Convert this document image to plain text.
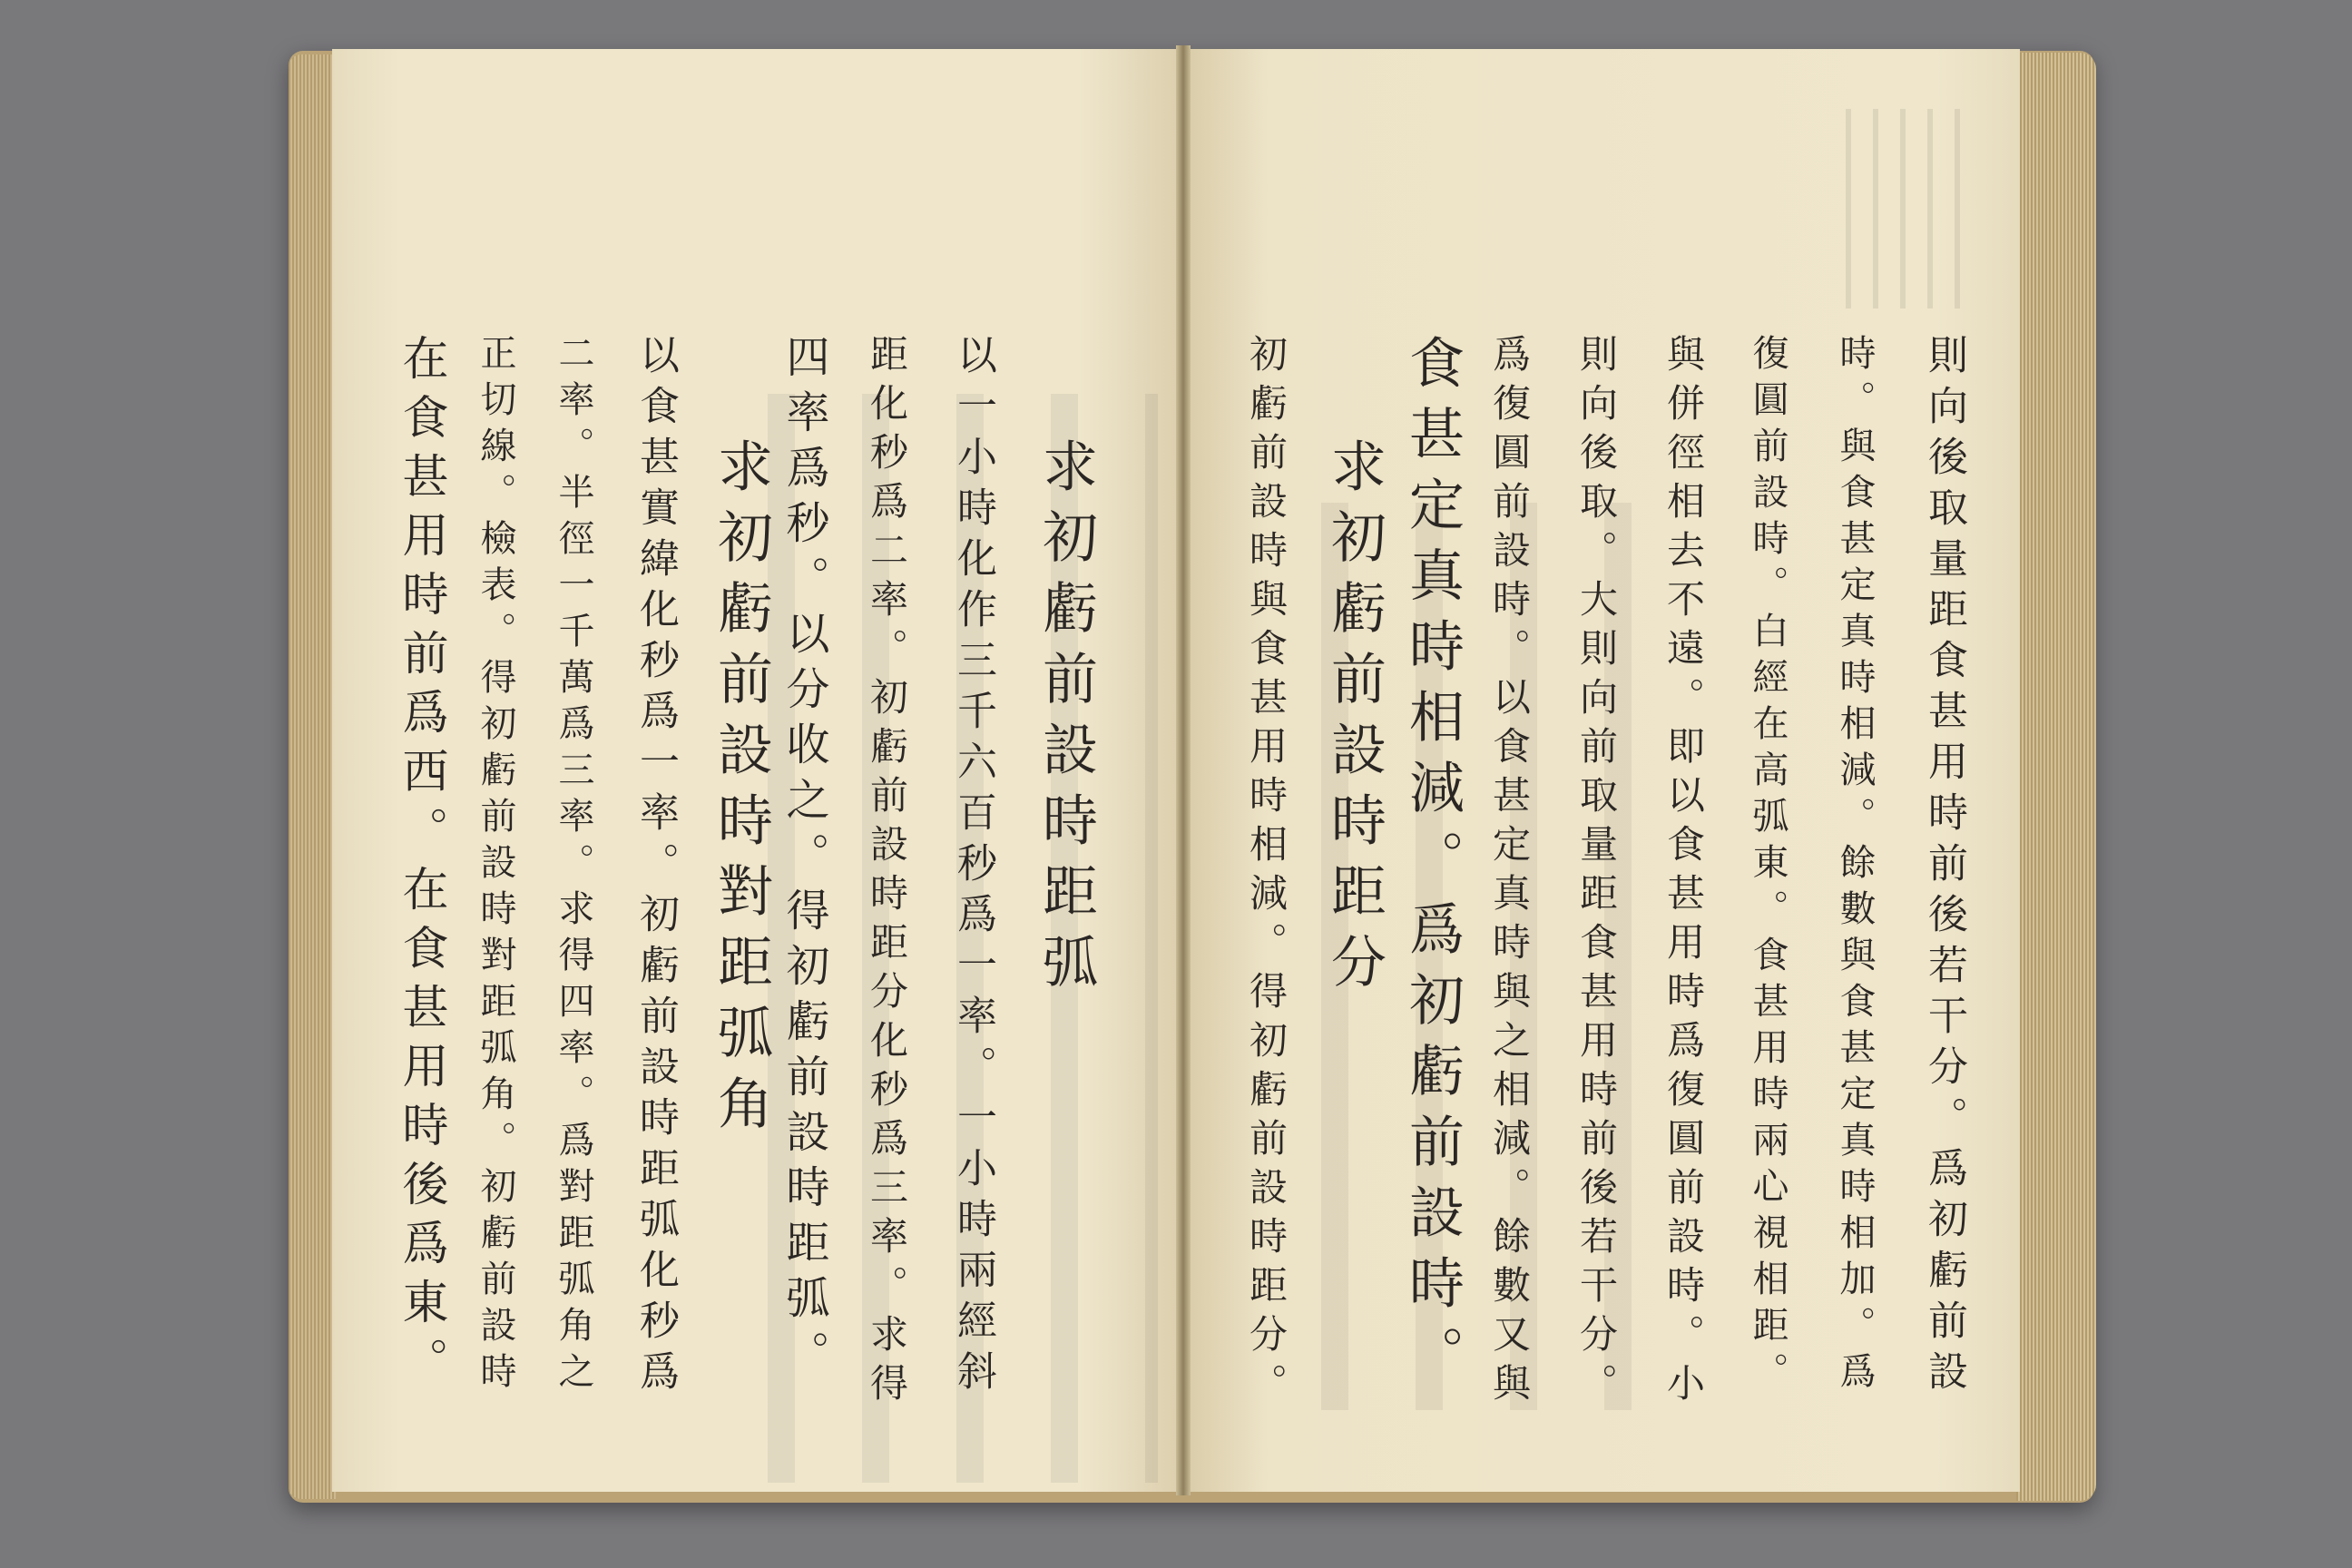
求初虧前設時距弧
以一小時化作三千六百秒爲一率。一小時兩經斜
距化秒爲二率。初虧前設時距分化秒爲三率。求得
四率爲秒。以分收之。得初虧前設時距弧。
求初虧前設時對距弧角
以食甚實緯化秒爲一率。初虧前設時距弧化秒爲
二率。半徑一千萬爲三率。求得四率。爲對距弧角之
正切線。檢表。得初虧前設時對距弧角。初虧前設時
在食甚用時前爲西。在食甚用時後爲東。	則向後取量距食甚用時前後若干分。爲初虧前設
時。與食甚定真時相減。餘數與食甚定真時相加。爲
復圓前設時。白經在高弧東。食甚用時兩心視相距。
與併徑相去不遠。即以食甚用時爲復圓前設時。小
則向後取。大則向前取量距食甚用時前後若干分。
爲復圓前設時。以食甚定真時與之相減。餘數又與
食甚定真時相減。爲初虧前設時。
求初虧前設時距分
初虧前設時與食甚用時相減。得初虧前設時距分。
